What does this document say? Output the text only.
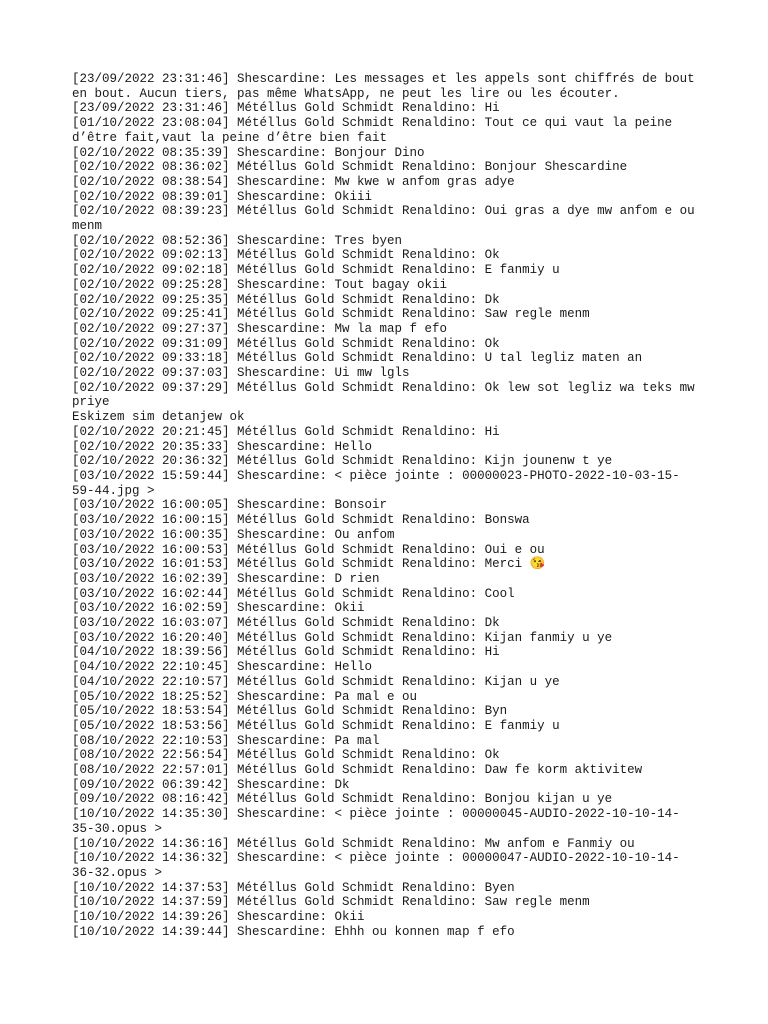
[23/09/2022 23:31:46] Shescardine: Les messages et les appels sont chiffrés de bout
en bout. Aucun tiers, pas même WhatsApp, ne peut les lire ou les écouter.
[23/09/2022 23:31:46] Météllus Gold Schmidt Renaldino: Hi
[01/10/2022 23:08:04] Météllus Gold Schmidt Renaldino: Tout ce qui vaut la peine
d’être fait,vaut la peine d’être bien fait
[02/10/2022 08:35:39] Shescardine: Bonjour Dino
[02/10/2022 08:36:02] Météllus Gold Schmidt Renaldino: Bonjour Shescardine
[02/10/2022 08:38:54] Shescardine: Mw kwe w anfom gras adye
[02/10/2022 08:39:01] Shescardine: Okiii
[02/10/2022 08:39:23] Météllus Gold Schmidt Renaldino: Oui gras a dye mw anfom e ou
menm
[02/10/2022 08:52:36] Shescardine: Tres byen
[02/10/2022 09:02:13] Météllus Gold Schmidt Renaldino: Ok
[02/10/2022 09:02:18] Météllus Gold Schmidt Renaldino: E fanmiy u
[02/10/2022 09:25:28] Shescardine: Tout bagay okii
[02/10/2022 09:25:35] Météllus Gold Schmidt Renaldino: Dk
[02/10/2022 09:25:41] Météllus Gold Schmidt Renaldino: Saw regle menm
[02/10/2022 09:27:37] Shescardine: Mw la map f efo
[02/10/2022 09:31:09] Météllus Gold Schmidt Renaldino: Ok
[02/10/2022 09:33:18] Météllus Gold Schmidt Renaldino: U tal legliz maten an
[02/10/2022 09:37:03] Shescardine: Ui mw lgls
[02/10/2022 09:37:29] Météllus Gold Schmidt Renaldino: Ok lew sot legliz wa teks mw
priye
Eskizem sim detanjew ok
[02/10/2022 20:21:45] Météllus Gold Schmidt Renaldino: Hi
[02/10/2022 20:35:33] Shescardine: Hello
[02/10/2022 20:36:32] Météllus Gold Schmidt Renaldino: Kijn jounenw t ye
[03/10/2022 15:59:44] Shescardine: < pièce jointe : 00000023-PHOTO-2022-10-03-15-
59-44.jpg >
[03/10/2022 16:00:05] Shescardine: Bonsoir
[03/10/2022 16:00:15] Météllus Gold Schmidt Renaldino: Bonswa
[03/10/2022 16:00:35] Shescardine: Ou anfom
[03/10/2022 16:00:53] Météllus Gold Schmidt Renaldino: Oui e ou
[03/10/2022 16:01:53] Météllus Gold Schmidt Renaldino: Merci 😘
[03/10/2022 16:02:39] Shescardine: D rien
[03/10/2022 16:02:44] Météllus Gold Schmidt Renaldino: Cool
[03/10/2022 16:02:59] Shescardine: Okii
[03/10/2022 16:03:07] Météllus Gold Schmidt Renaldino: Dk
[03/10/2022 16:20:40] Météllus Gold Schmidt Renaldino: Kijan fanmiy u ye
[04/10/2022 18:39:56] Météllus Gold Schmidt Renaldino: Hi
[04/10/2022 22:10:45] Shescardine: Hello
[04/10/2022 22:10:57] Météllus Gold Schmidt Renaldino: Kijan u ye
[05/10/2022 18:25:52] Shescardine: Pa mal e ou
[05/10/2022 18:53:54] Météllus Gold Schmidt Renaldino: Byn
[05/10/2022 18:53:56] Météllus Gold Schmidt Renaldino: E fanmiy u
[08/10/2022 22:10:53] Shescardine: Pa mal
[08/10/2022 22:56:54] Météllus Gold Schmidt Renaldino: Ok
[08/10/2022 22:57:01] Météllus Gold Schmidt Renaldino: Daw fe korm aktivitew
[09/10/2022 06:39:42] Shescardine: Dk
[09/10/2022 08:16:42] Météllus Gold Schmidt Renaldino: Bonjou kijan u ye
[10/10/2022 14:35:30] Shescardine: < pièce jointe : 00000045-AUDIO-2022-10-10-14-
35-30.opus >
[10/10/2022 14:36:16] Météllus Gold Schmidt Renaldino: Mw anfom e Fanmiy ou
[10/10/2022 14:36:32] Shescardine: < pièce jointe : 00000047-AUDIO-2022-10-10-14-
36-32.opus >
[10/10/2022 14:37:53] Météllus Gold Schmidt Renaldino: Byen
[10/10/2022 14:37:59] Météllus Gold Schmidt Renaldino: Saw regle menm
[10/10/2022 14:39:26] Shescardine: Okii
[10/10/2022 14:39:44] Shescardine: Ehhh ou konnen map f efo
